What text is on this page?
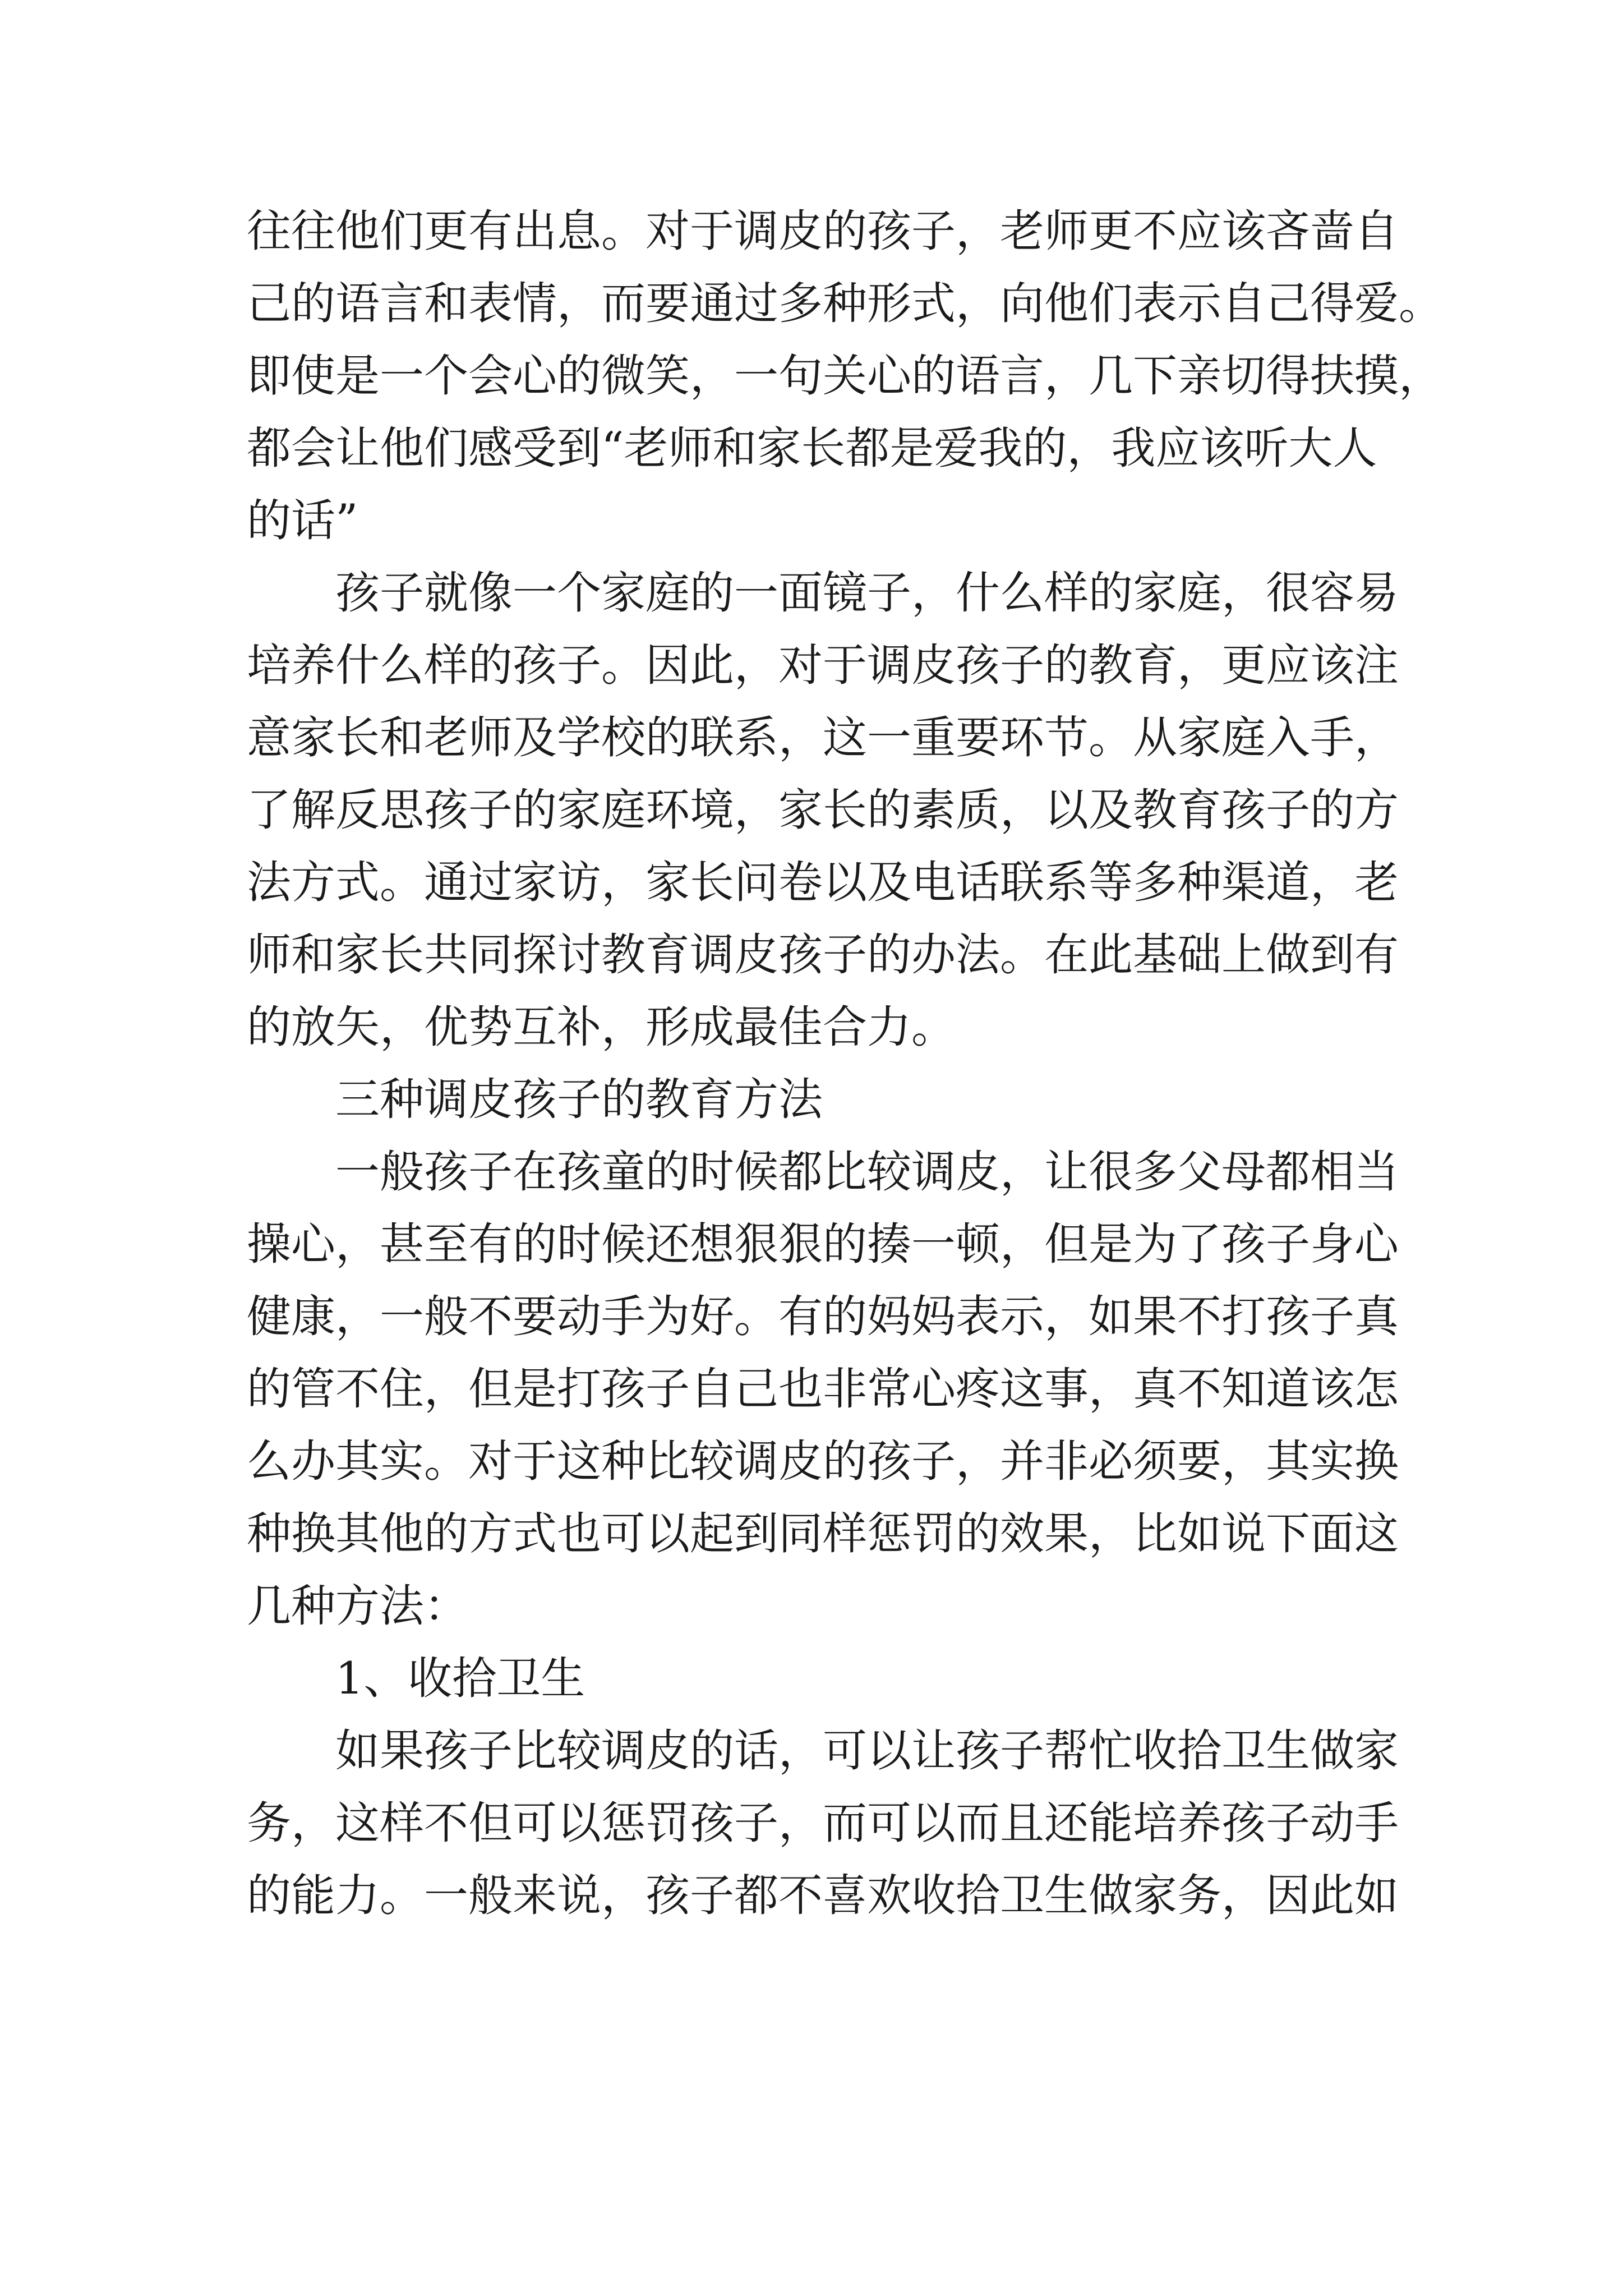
往往他们更有出息。对于调皮的孩子，老师更不应该吝啬自
己的语言和表情，而要通过多种形式，向他们表示自己得爱。
即使是一个会心的微笑，一句关心的语言，几下亲切得扶摸，
都会让他们感受到“老师和家长都是爱我的，我应该听大人
的话”
孩子就像一个家庭的一面镜子，什么样的家庭，很容易
培养什么样的孩子。因此，对于调皮孩子的教育，更应该注
意家长和老师及学校的联系，这一重要环节。从家庭入手，
了解反思孩子的家庭环境，家长的素质，以及教育孩子的方
法方式。通过家访，家长问卷以及电话联系等多种渠道，老
师和家长共同探讨教育调皮孩子的办法。在此基础上做到有
的放矢，优势互补，形成最佳合力。
三种调皮孩子的教育方法
一般孩子在孩童的时候都比较调皮，让很多父母都相当
操心，甚至有的时候还想狠狠的揍一顿，但是为了孩子身心
健康，一般不要动手为好。有的妈妈表示，如果不打孩子真
的管不住，但是打孩子自己也非常心疼这事，真不知道该怎
么办其实。对于这种比较调皮的孩子，并非必须要，其实换
种换其他的方式也可以起到同样惩罚的效果，比如说下面这
几种方法：
1、收拾卫生
如果孩子比较调皮的话，可以让孩子帮忙收拾卫生做家
务，这样不但可以惩罚孩子，而可以而且还能培养孩子动手
的能力。一般来说，孩子都不喜欢收拾卫生做家务，因此如
